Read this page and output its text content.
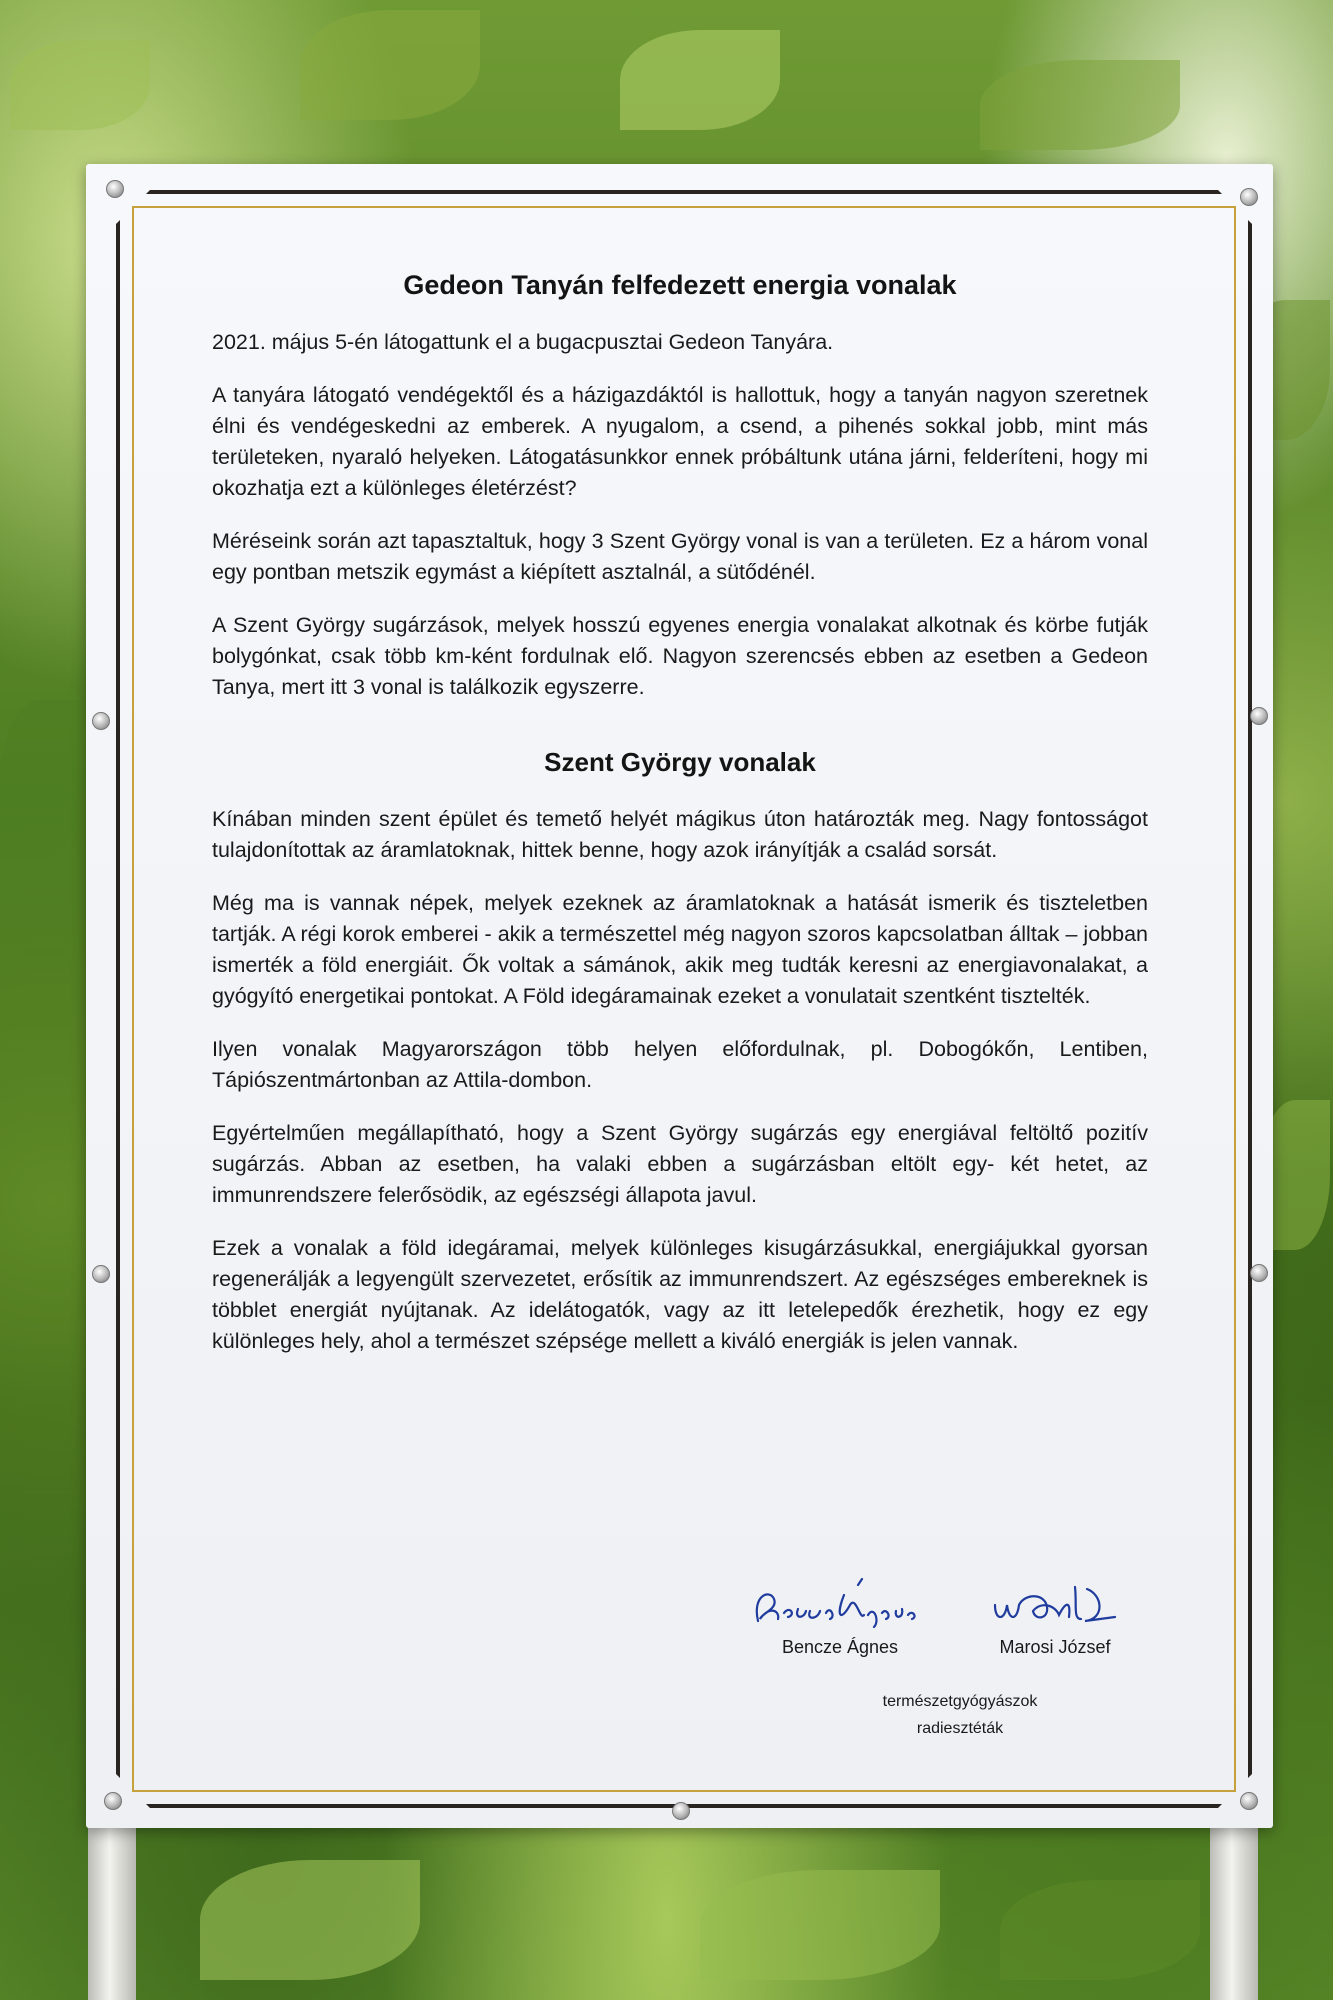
Gedeon Tanyán felfedezett energia vonalak

2021. május 5-én látogattunk el a bugacpusztai Gedeon Tanyára.

A tanyára látogató vendégektől és a házigazdáktól is hallottuk, hogy a tanyán nagyon szeretnek élni és vendégeskedni az emberek. A nyugalom, a csend, a pihenés sokkal jobb, mint más területeken, nyaraló helyeken. Látogatásunkkor ennek próbáltunk utána járni, felderíteni, hogy mi okozhatja ezt a különleges életérzést?

Méréseink során azt tapasztaltuk, hogy 3 Szent György vonal is van a területen. Ez a három vonal egy pontban metszik egymást a kiépített asztalnál, a sütődénél.

A Szent György sugárzások, melyek hosszú egyenes energia vonalakat alkotnak és körbe futják bolygónkat, csak több km-ként fordulnak elő. Nagyon szerencsés ebben az esetben a Gedeon Tanya, mert itt 3 vonal is találkozik egyszerre.

Szent György vonalak

Kínában minden szent épület és temető helyét mágikus úton határozták meg. Nagy fontosságot tulajdonítottak az áramlatoknak, hittek benne, hogy azok irányítják a család sorsát.

Még ma is vannak népek, melyek ezeknek az áramlatoknak a hatását ismerik és tiszteletben tartják. A régi korok emberei - akik a természettel még nagyon szoros kapcsolatban álltak – jobban ismerték a föld energiáit. Ők voltak a sámánok, akik meg tudták keresni az energiavonalakat, a gyógyító energetikai pontokat. A Föld idegáramainak ezeket a vonulatait szentként tisztelték.

Ilyen vonalak Magyarországon több helyen előfordulnak, pl. Dobogókőn, Lentiben, Tápiószentmártonban az Attila-dombon.

Egyértelműen megállapítható, hogy a Szent György sugárzás egy energiával feltöltő pozitív sugárzás. Abban az esetben, ha valaki ebben a sugárzásban eltölt egy- két hetet, az immunrendszere felerősödik, az egészségi állapota javul.

Ezek a vonalak a föld idegáramai, melyek különleges kisugárzásukkal, energiájukkal gyorsan regenerálják a legyengült szervezetet, erősítik az immunrendszert. Az egészséges embereknek is többlet energiát nyújtanak. Az idelátogatók, vagy az itt letelepedők érezhetik, hogy ez egy különleges hely, ahol a természet szépsége mellett a kiváló energiák is jelen vannak.

Bencze Ágnes	Marosi József
természetgyógyászok
radiesztéták
